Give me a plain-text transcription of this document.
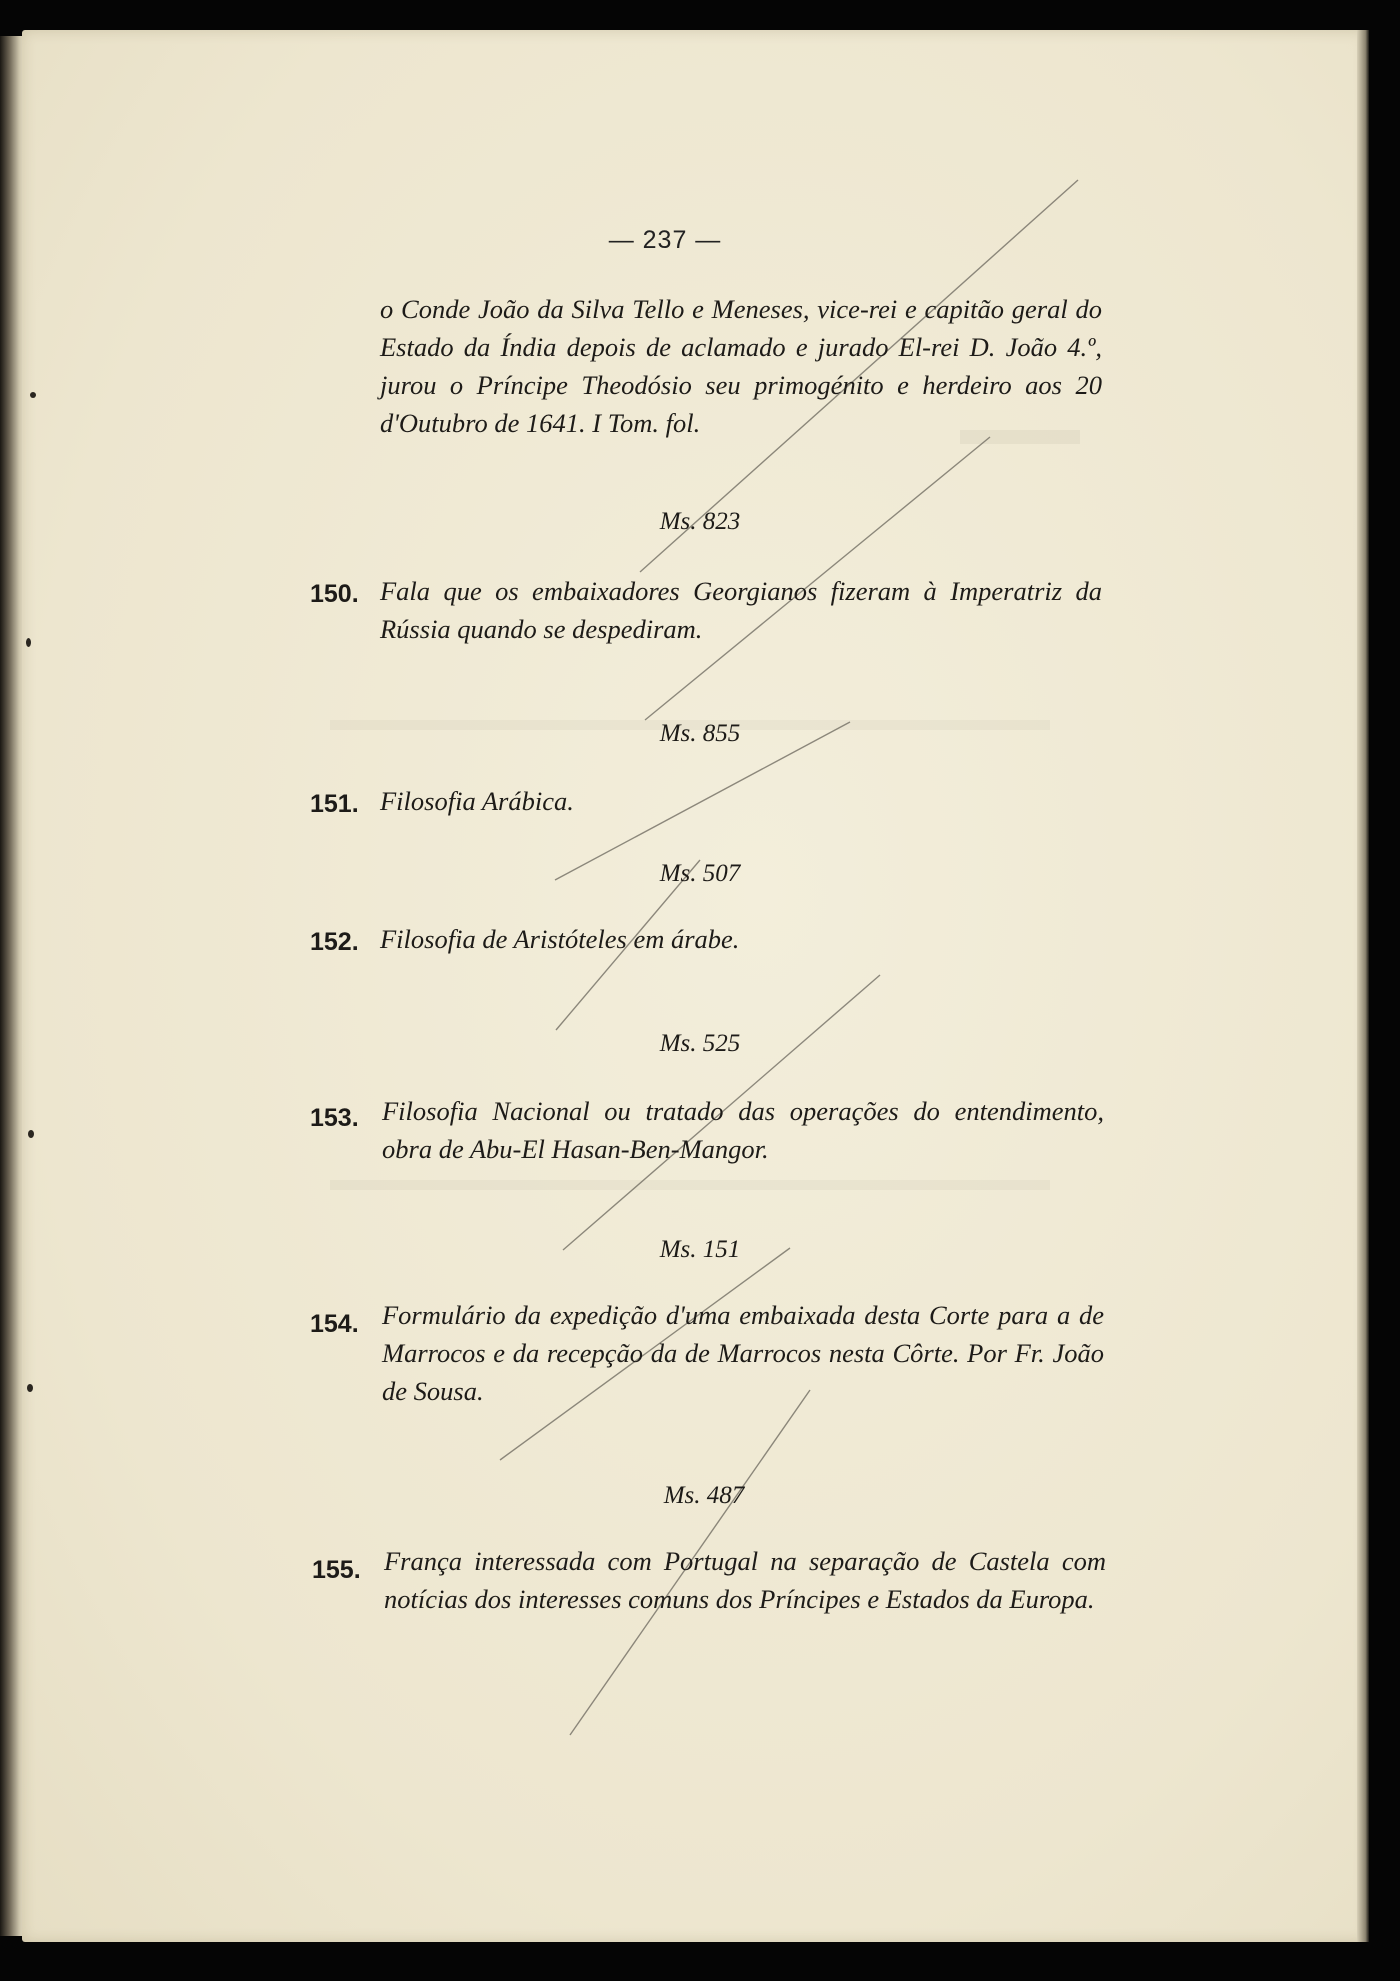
— 237 —
o Conde João da Silva Tello e Meneses, vice-rei e capitão geral do Estado da Índia depois de aclamado e jurado El-rei D. João 4.º, jurou o Príncipe Theodósio seu primogénito e herdeiro aos 20 d'Outubro de 1641. I Tom. fol.
Ms. 823
150. Fala que os embaixadores Georgianos fizeram à Imperatriz da Rússia quando se despediram.
Ms. 855
151. Filosofia Arábica.
Ms. 507
152. Filosofia de Aristóteles em árabe.
Ms. 525
153. Filosofia Nacional ou tratado das operações do entendimento, obra de Abu-El Hasan-Ben-Mangor.
Ms. 151
154. Formulário da expedição d'uma embaixada desta Corte para a de Marrocos e da recepção da de Marrocos nesta Côrte. Por Fr. João de Sousa.
Ms. 487
155. França interessada com Portugal na separação de Castela com notícias dos interesses comuns dos Príncipes e Estados da Europa.
